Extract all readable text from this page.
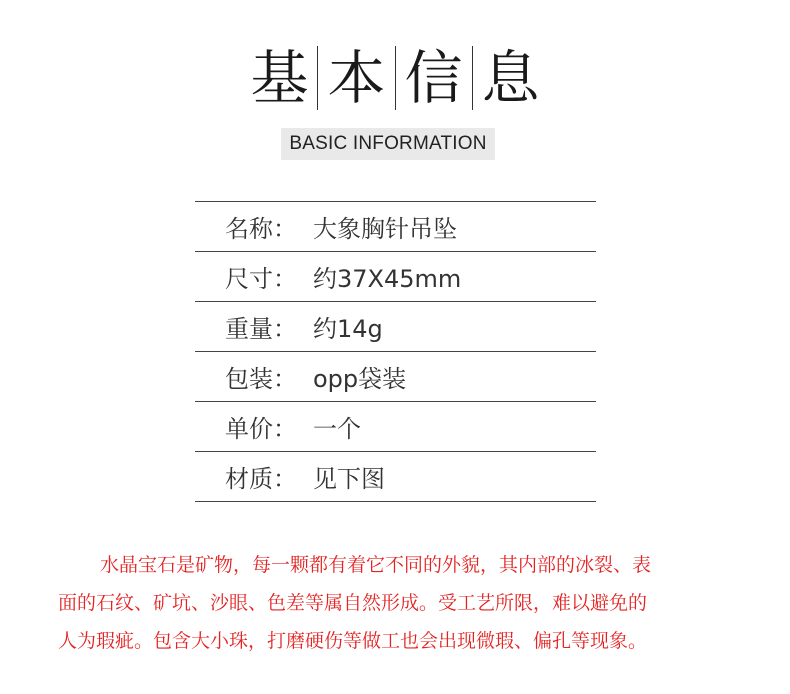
基 本 信 息
BASIC INFORMATION
名称： 大象胸针吊坠
尺寸： 约37X45mm
重量： 约14g
包装： opp袋装
单价： 一个
材质： 见下图

水晶宝石是矿物，每一颗都有着它不同的外貌，其内部的冰裂、表
面的石纹、矿坑、沙眼、色差等属自然形成。受工艺所限，难以避免的
人为瑕疵。包含大小珠，打磨硬伤等做工也会出现微瑕、偏孔等现象。
